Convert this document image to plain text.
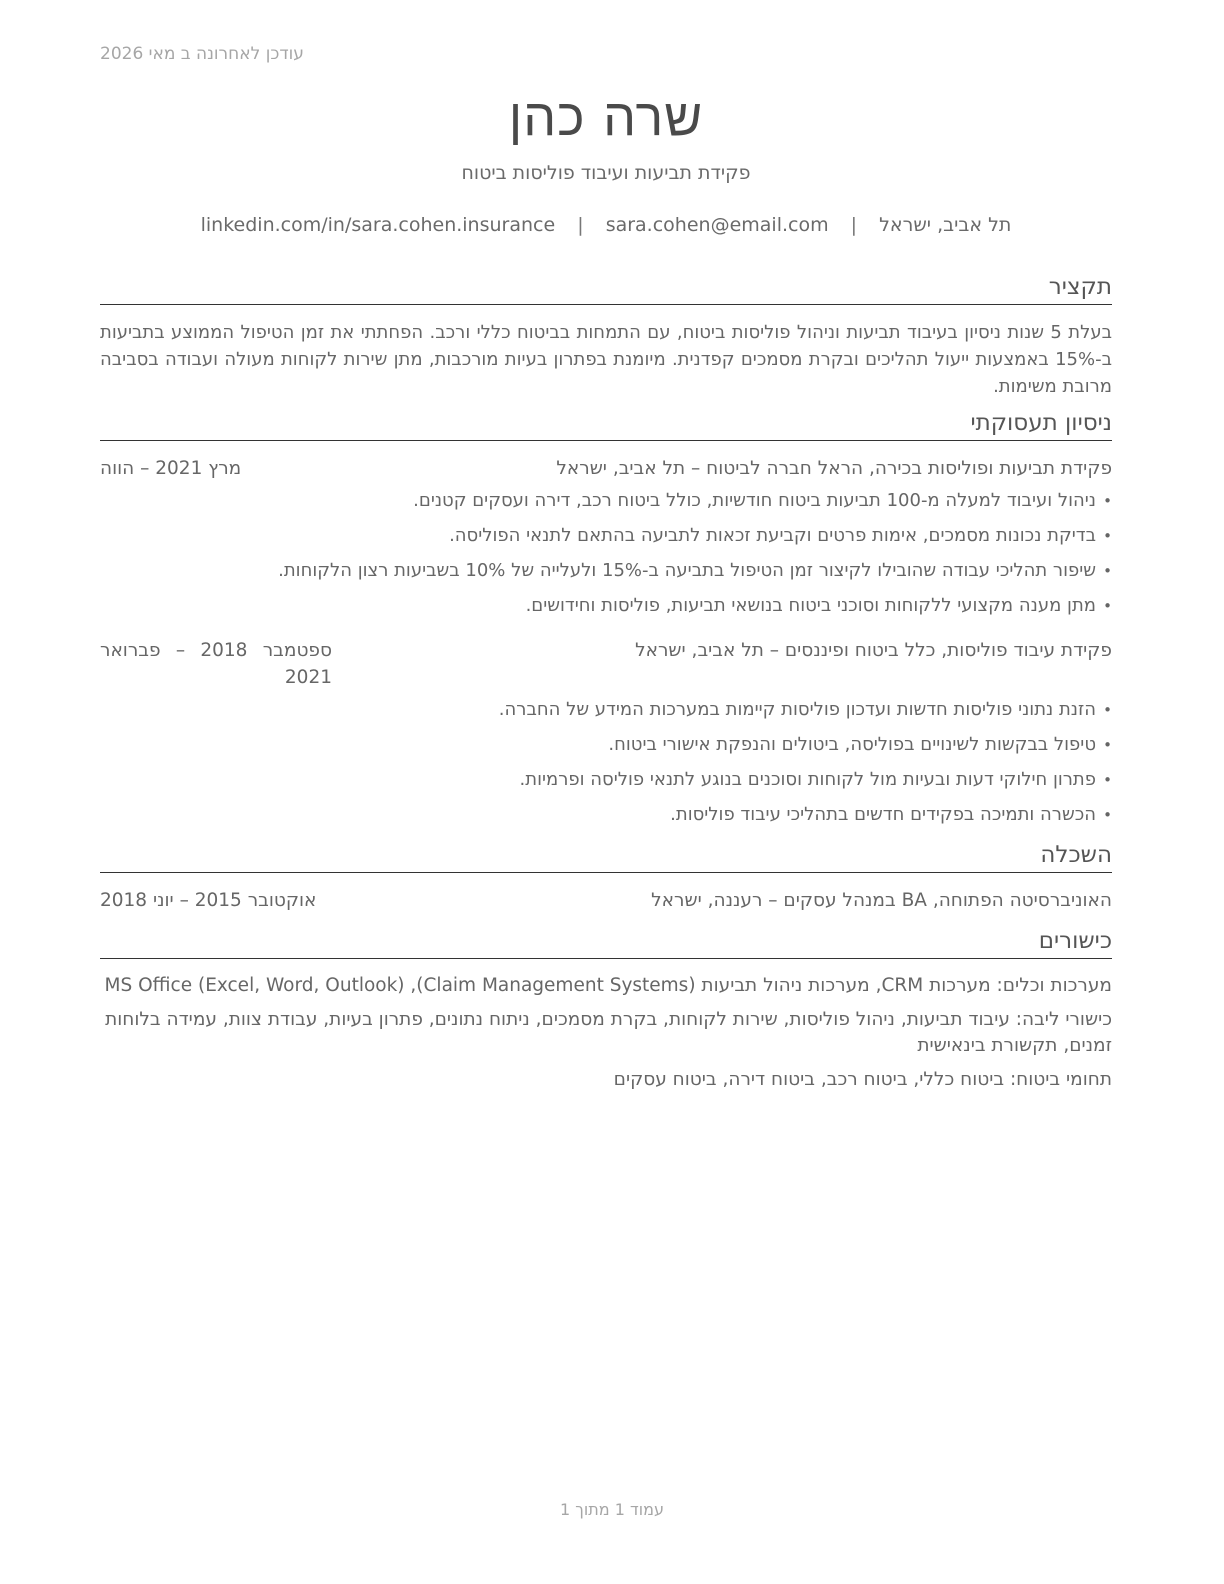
עודכן לאחרונה ב מאי 2026
שרה כהן
פקידת תביעות ועיבוד פוליסות ביטוח
תל אביב, ישראל | sara.cohen@email.com | linkedin.com/in/sara.cohen.insurance
תקציר
בעלת 5 שנות ניסיון בעיבוד תביעות וניהול פוליסות ביטוח, עם התמחות בביטוח כללי ורכב. הפחתתי את זמן הטיפול הממוצע בתביעות ב-15% באמצעות ייעול תהליכים ובקרת מסמכים קפדנית. מיומנת בפתרון בעיות מורכבות, מתן שירות לקוחות מעולה ועבודה בסביבה מרובת משימות.
ניסיון תעסוקתי
פקידת תביעות ופוליסות בכירה, הראל חברה לביטוח – תל אביב, ישראל
מרץ 2021 – הווה
• ניהול ועיבוד למעלה מ-100 תביעות ביטוח חודשיות, כולל ביטוח רכב, דירה ועסקים קטנים.
• בדיקת נכונות מסמכים, אימות פרטים וקביעת זכאות לתביעה בהתאם לתנאי הפוליסה.
• שיפור תהליכי עבודה שהובילו לקיצור זמן הטיפול בתביעה ב-15% ולעלייה של 10% בשביעות רצון הלקוחות.
• מתן מענה מקצועי ללקוחות וסוכני ביטוח בנושאי תביעות, פוליסות וחידושים.
פקידת עיבוד פוליסות, כלל ביטוח ופיננסים – תל אביב, ישראל
ספטמבר 2018 – פברואר 2021
• הזנת נתוני פוליסות חדשות ועדכון פוליסות קיימות במערכות המידע של החברה.
• טיפול בבקשות לשינויים בפוליסה, ביטולים והנפקת אישורי ביטוח.
• פתרון חילוקי דעות ובעיות מול לקוחות וסוכנים בנוגע לתנאי פוליסה ופרמיות.
• הכשרה ותמיכה בפקידים חדשים בתהליכי עיבוד פוליסות.
השכלה
האוניברסיטה הפתוחה, BA במנהל עסקים – רעננה, ישראל
אוקטובר 2015 – יוני 2018
כישורים

מערכות וכלים: מערכות CRM, מערכות ניהול תביעות (Claim Management Systems), MS Office (Excel, Word, Outlook)

כישורי ליבה: עיבוד תביעות, ניהול פוליסות, שירות לקוחות, בקרת מסמכים, ניתוח נתונים, פתרון בעיות, עבודת צוות, עמידה בלוחות זמנים, תקשורת בינאישית

תחומי ביטוח: ביטוח כללי, ביטוח רכב, ביטוח דירה, ביטוח עסקים

עמוד 1 מתוך 1
